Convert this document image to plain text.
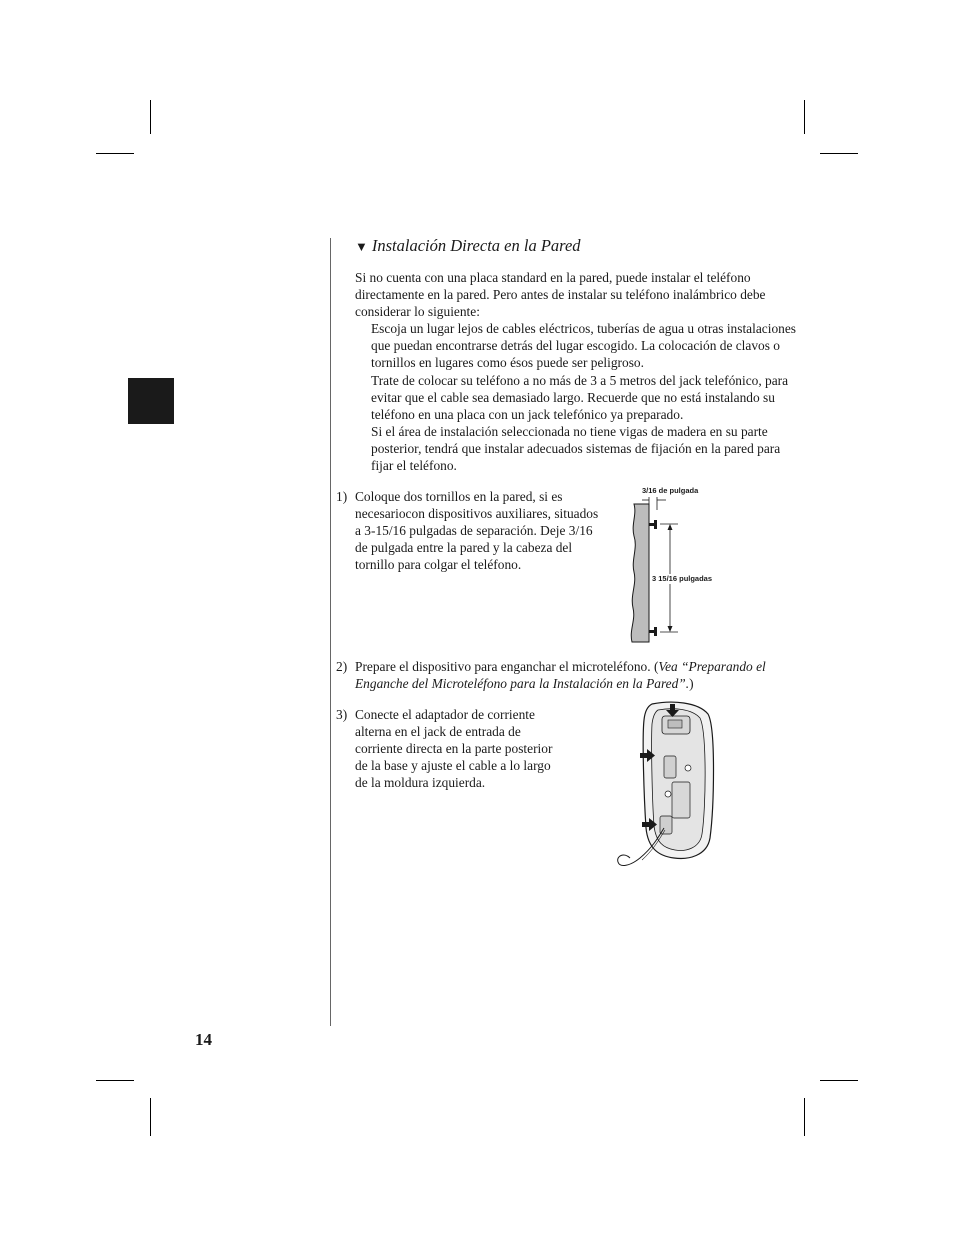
▼ Instalación Directa en la Pared

Si no cuenta con una placa standard en la pared, puede instalar el teléfono

directamente en la pared. Pero antes de instalar su teléfono inalámbrico debe

considerar lo siguiente:

Escoja un lugar lejos de cables eléctricos, tuberías de agua u otras instalaciones

que puedan encontrarse detrás del lugar escogido. La colocación de clavos o

tornillos en lugares como ésos puede ser peligroso.

Trate de colocar su teléfono a no más de 3 a 5 metros del jack telefónico, para

evitar que el cable sea demasiado largo. Recuerde que no está instalando su

teléfono en una placa con un jack telefónico ya preparado.

Si el área de instalación seleccionada no tiene vigas de madera en su parte

posterior, tendrá que instalar adecuados sistemas de fijación en la pared para

fijar el teléfono.

1) Coloque dos tornillos en la pared, si es

necesariocon dispositivos auxiliares, situados

a 3-15/16 pulgadas de separación. Deje 3/16

de pulgada entre la pared y la cabeza del

tornillo para colgar el teléfono.

3/16 de pulgada
3 15/16 pulgadas
2) Prepare el dispositivo para enganchar el microteléfono. (Vea “Preparando el

Enganche del Microteléfono para la Instalación en la Pared”.)

3) Conecte el adaptador de corriente

alterna en el jack de entrada de

corriente directa en la parte posterior

de la base y ajuste el cable a lo largo

de la moldura izquierda.

14
